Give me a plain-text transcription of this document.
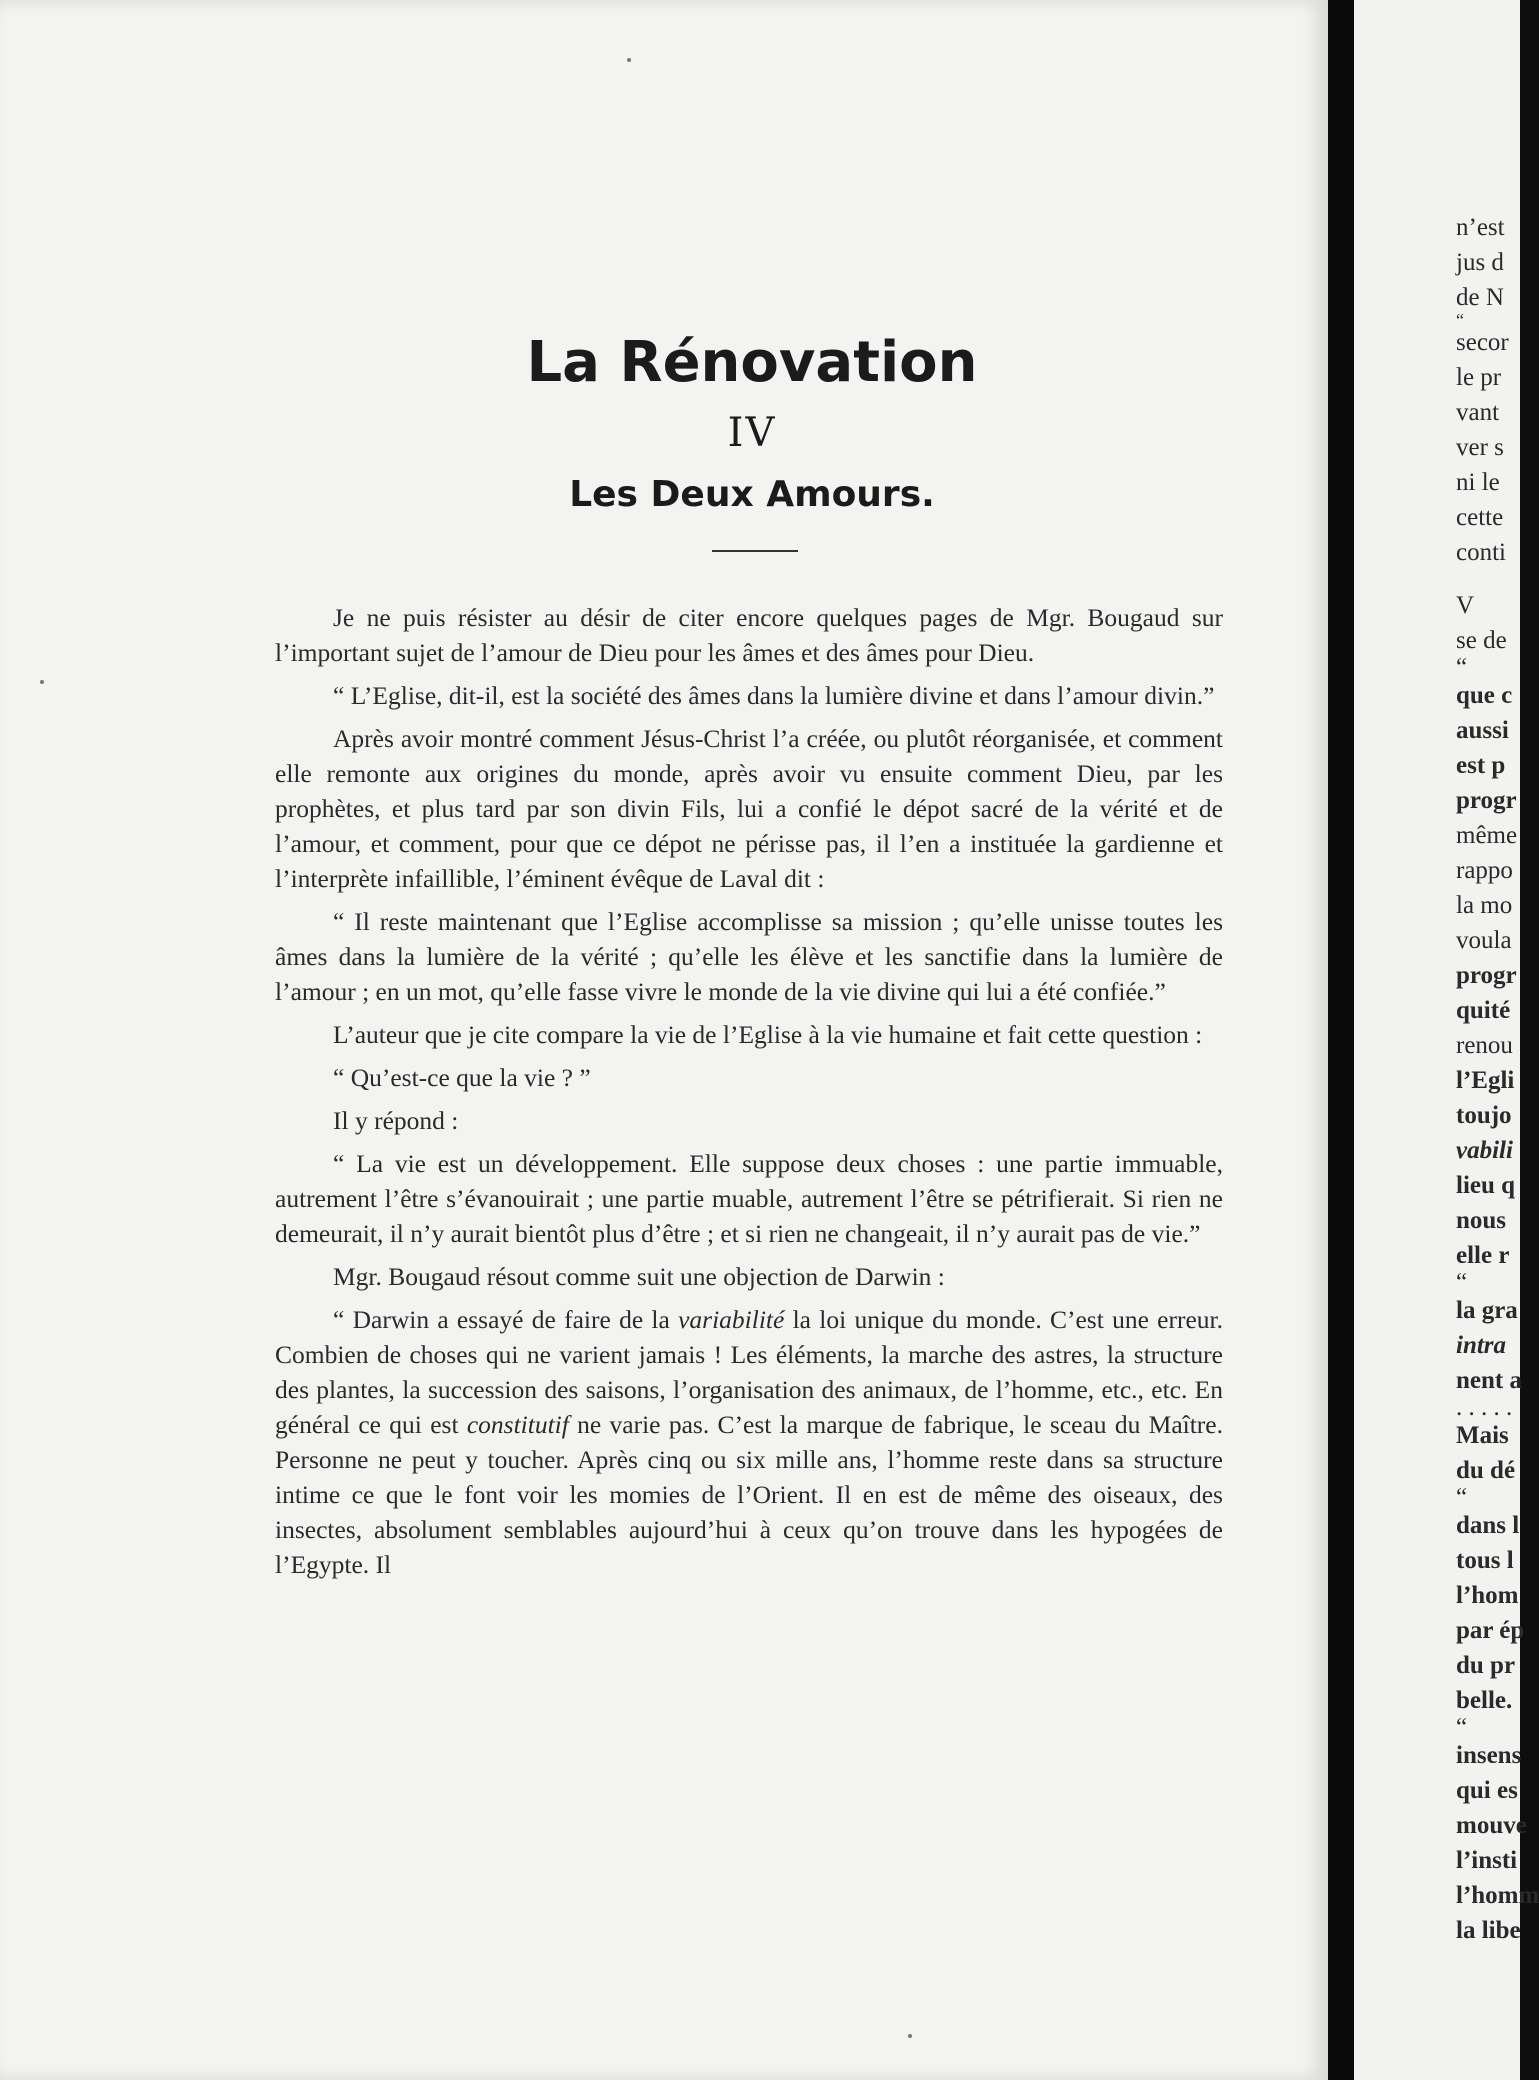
La Rénovation
IV
Les Deux Amours.

Je ne puis résister au désir de citer encore quelques pages de Mgr. Bougaud sur l’important sujet de l’amour de Dieu pour les âmes et des âmes pour Dieu.

“ L’Eglise, dit-il, est la société des âmes dans la lumière divine et dans l’amour divin.”

Après avoir montré comment Jésus-Christ l’a créée, ou plutôt réorganisée, et comment elle remonte aux origines du monde, après avoir vu ensuite comment Dieu, par les prophètes, et plus tard par son divin Fils, lui a confié le dépot sacré de la vérité et de l’amour, et comment, pour que ce dépot ne périsse pas, il l’en a instituée la gardienne et l’interprète infaillible, l’éminent évêque de Laval dit :

“ Il reste maintenant que l’Eglise accomplisse sa mission ; qu’elle unisse toutes les âmes dans la lumière de la vérité ; qu’elle les élève et les sanctifie dans la lumière de l’amour ; en un mot, qu’elle fasse vivre le monde de la vie divine qui lui a été confiée.”

L’auteur que je cite compare la vie de l’Eglise à la vie humaine et fait cette question :

“ Qu’est-ce que la vie ? ”

Il y répond :

“ La vie est un développement. Elle suppose deux choses : une partie immuable, autrement l’être s’évanouirait ; une partie muable, autrement l’être se pétrifierait. Si rien ne demeurait, il n’y aurait bientôt plus d’être ; et si rien ne changeait, il n’y aurait pas de vie.”

Mgr. Bougaud résout comme suit une objection de Darwin :

“ Darwin a essayé de faire de la variabilité la loi unique du monde. C’est une erreur. Combien de choses qui ne varient jamais ! Les éléments, la marche des astres, la structure des plantes, la succession des saisons, l’organisation des animaux, de l’homme, etc., etc. En général ce qui est constitutif ne varie pas. C’est la marque de fabrique, le sceau du Maître. Personne ne peut y toucher. Après cinq ou six mille ans, l’homme reste dans sa structure intime ce que le font voir les momies de l’Orient. Il en est de même des oiseaux, des insectes, absolument semblables aujourd’hui à ceux qu’on trouve dans les hypogées de l’Egypte. Il

n’est
jus d
de N
“
secor
le pr
vant
ver s
ni le
cette
conti
V
se de
“
que c
aussi
est p
progr
même
rappo
la mo
voula
progr
quité
renou
l’Egli
toujo
vabili
lieu q
nous
elle r
“
la gra
intra
nent a
. . . . .
Mais
du dé
“
dans l
tous l
l’hom
par ép
du pr
belle.
“
insens
qui es
mouve
l’insti
l’homm
la libe
